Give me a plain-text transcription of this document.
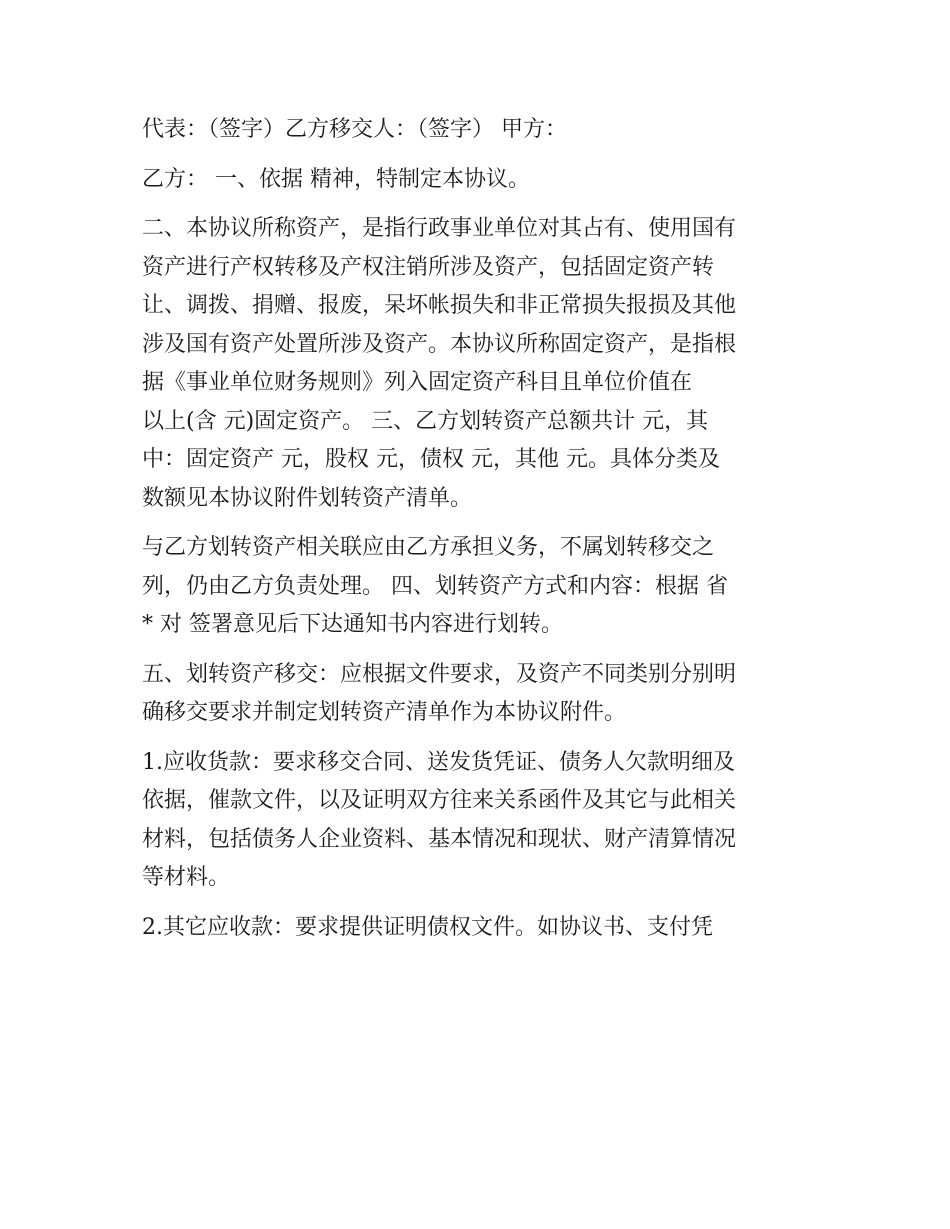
代表：（签字）乙方移交人：（签字） 甲方：
乙方： 一、依据 精神，特制定本协议。
二、本协议所称资产，是指行政事业单位对其占有、使用国有
资产进行产权转移及产权注销所涉及资产，包括固定资产转
让、调拨、捐赠、报废，呆坏帐损失和非正常损失报损及其他
涉及国有资产处置所涉及资产。本协议所称固定资产，是指根
据《事业单位财务规则》列入固定资产科目且单位价值在
以上(含 元)固定资产。 三、乙方划转资产总额共计 元，其
中：固定资产 元，股权 元，债权 元，其他 元。具体分类及
数额见本协议附件划转资产清单。
与乙方划转资产相关联应由乙方承担义务，不属划转移交之
列，仍由乙方负责处理。 四、划转资产方式和内容：根据 省
* 对 签署意见后下达通知书内容进行划转。
五、划转资产移交：应根据文件要求，及资产不同类别分别明
确移交要求并制定划转资产清单作为本协议附件。
1.应收货款：要求移交合同、送发货凭证、债务人欠款明细及
依据，催款文件，以及证明双方往来关系函件及其它与此相关
材料，包括债务人企业资料、基本情况和现状、财产清算情况
等材料。
2.其它应收款：要求提供证明债权文件。如协议书、支付凭
